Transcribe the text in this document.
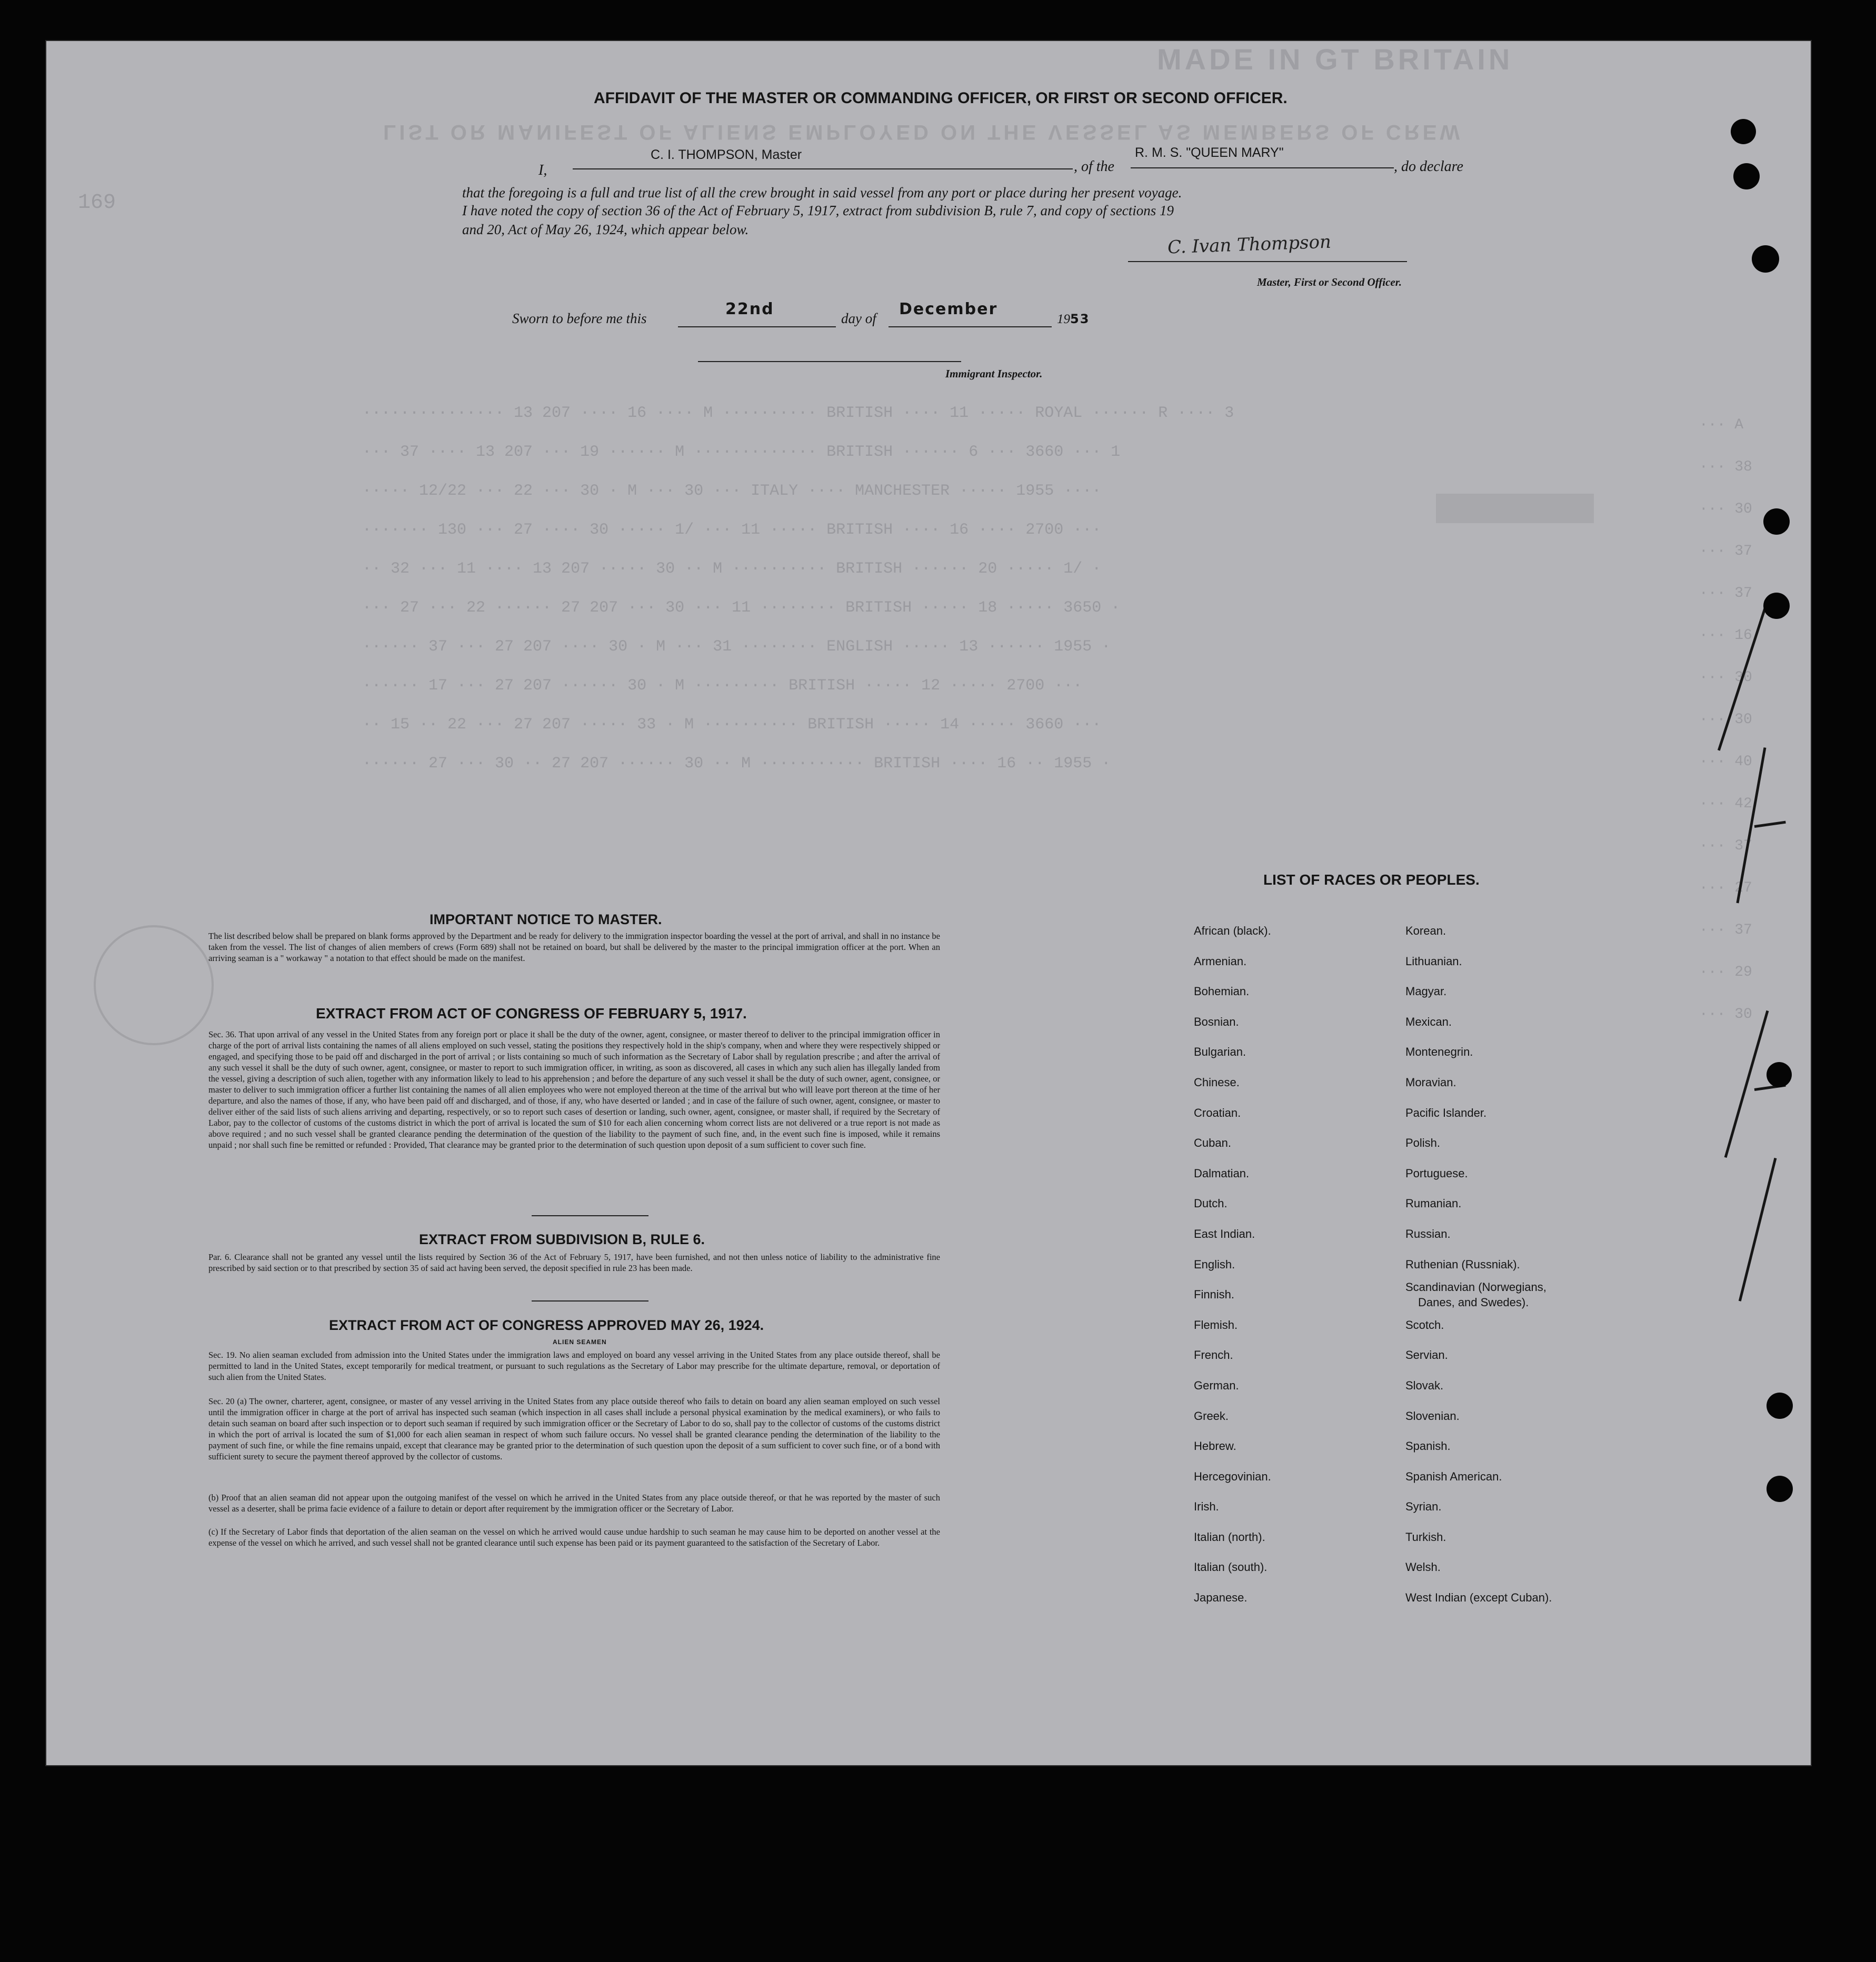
MADE IN GT BRITAIN
LIST OR MANIFEST OF ALIENS EMPLOYED ON THE VESSEL AS MEMBERS OF CREW
169
··············· 13 207 ···· 16 ···· M ·········· BRITISH ···· 11 ····· ROYAL ······ R ···· 3
··· 37 ···· 13 207 ··· 19 ······ M ············· BRITISH ······ 6 ··· 3660 ··· 1
····· 12/22 ··· 22 ··· 30 · M ··· 30 ··· ITALY ···· MANCHESTER ····· 1955 ····
······· 130 ··· 27 ···· 30 ····· 1/ ··· 11 ····· BRITISH ···· 16 ···· 2700 ···
·· 32 ··· 11 ···· 13 207 ····· 30 ·· M ·········· BRITISH ······ 20 ····· 1/ ·
··· 27 ··· 22 ······ 27 207 ··· 30 ··· 11 ········ BRITISH ····· 18 ····· 3650 ·
······ 37 ··· 27 207 ···· 30 · M ··· 31 ········ ENGLISH ····· 13 ······ 1955 ·
······ 17 ··· 27 207 ······ 30 · M ········· BRITISH ····· 12 ····· 2700 ···
·· 15 ·· 22 ··· 27 207 ····· 33 · M ·········· BRITISH ····· 14 ····· 3660 ···
······ 27 ··· 30 ·· 27 207 ······ 30 ·· M ··········· BRITISH ···· 16 ·· 1955 ·
··· A
··· 38
··· 30
··· 37
··· 37
··· 16
··· 30
··· 30
··· 40
··· 42
··· 37
··· 27
··· 37
··· 29
··· 30
AFFIDAVIT OF THE MASTER OR COMMANDING OFFICER, OR FIRST OR SECOND OFFICER.
I,
C. I. THOMPSON, Master
, of the
R. M. S. "QUEEN MARY"
, do declare
that the foregoing is a full and true list of all the crew brought in said vessel from any port or place during her present voyage.
I have noted the copy of section 36 of the Act of February 5, 1917, extract from subdivision B, rule 7, and copy of sections 19
and 20, Act of May 26, 1924, which appear below.
C. Ivan Thompson
Master, First or Second Officer.
Sworn to before me this	22nd	day of December
1953
Immigrant Inspector.
IMPORTANT NOTICE TO MASTER.
The list described below shall be prepared on blank forms approved by the Department and be ready for delivery to the immigration inspector boarding the vessel at the port of arrival, and shall in no instance be taken from the vessel. The list of changes of alien members of crews (Form 689) shall not be retained on board, but shall be delivered by the master to the principal immigration officer at the port. When an arriving seaman is a " workaway " a notation to that effect should be made on the manifest.
EXTRACT FROM ACT OF CONGRESS OF FEBRUARY 5, 1917.
Sec. 36. That upon arrival of any vessel in the United States from any foreign port or place it shall be the duty of the owner, agent, consignee, or master thereof to deliver to the principal immigration officer in charge of the port of arrival lists containing the names of all aliens employed on such vessel, stating the positions they respectively hold in the ship's company, when and where they were respectively shipped or engaged, and specifying those to be paid off and discharged in the port of arrival ; or lists containing so much of such information as the Secretary of Labor shall by regulation prescribe ; and after the arrival of any such vessel it shall be the duty of such owner, agent, consignee, or master to report to such immigration officer, in writing, as soon as discovered, all cases in which any such alien has illegally landed from the vessel, giving a description of such alien, together with any information likely to lead to his apprehension ; and before the departure of any such vessel it shall be the duty of such owner, agent, consignee, or master to deliver to such immigration officer a further list containing the names of all alien employees who were not employed thereon at the time of the arrival but who will leave port thereon at the time of her departure, and also the names of those, if any, who have been paid off and discharged, and of those, if any, who have deserted or landed ; and in case of the failure of such owner, agent, consignee, or master to deliver either of the said lists of such aliens arriving and departing, respectively, or so to report such cases of desertion or landing, such owner, agent, consignee, or master shall, if required by the Secretary of Labor, pay to the collector of customs of the customs district in which the port of arrival is located the sum of $10 for each alien concerning whom correct lists are not delivered or a true report is not made as above required ; and no such vessel shall be granted clearance pending the determination of the question of the liability to the payment of such fine, and, in the event such fine is imposed, while it remains unpaid ; nor shall such fine be remitted or refunded : Provided, That clearance may be granted prior to the determination of such question upon deposit of a sum sufficient to cover such fine.
EXTRACT FROM SUBDIVISION B, RULE 6.
Par. 6. Clearance shall not be granted any vessel until the lists required by Section 36 of the Act of February 5, 1917, have been furnished, and not then unless notice of liability to the administrative fine prescribed by said section or to that prescribed by section 35 of said act having been served, the deposit specified in rule 23 has been made.
EXTRACT FROM ACT OF CONGRESS APPROVED MAY 26, 1924.
ALIEN SEAMEN
Sec. 19. No alien seaman excluded from admission into the United States under the immigration laws and employed on board any vessel arriving in the United States from any place outside thereof, shall be permitted to land in the United States, except temporarily for medical treatment, or pursuant to such regulations as the Secretary of Labor may prescribe for the ultimate departure, removal, or deportation of such alien from the United States.
Sec. 20 (a) The owner, charterer, agent, consignee, or master of any vessel arriving in the United States from any place outside thereof who fails to detain on board any alien seaman employed on such vessel until the immigration officer in charge at the port of arrival has inspected such seaman (which inspection in all cases shall include a personal physical examination by the medical examiners), or who fails to detain such seaman on board after such inspection or to deport such seaman if required by such immigration officer or the Secretary of Labor to do so, shall pay to the collector of customs of the customs district in which the port of arrival is located the sum of $1,000 for each alien seaman in respect of whom such failure occurs. No vessel shall be granted clearance pending the determination of the liability to the payment of such fine, or while the fine remains unpaid, except that clearance may be granted prior to the determination of such question upon the deposit of a sum sufficient to cover such fine, or of a bond with sufficient surety to secure the payment thereof approved by the collector of customs.
(b) Proof that an alien seaman did not appear upon the outgoing manifest of the vessel on which he arrived in the United States from any place outside thereof, or that he was reported by the master of such vessel as a deserter, shall be prima facie evidence of a failure to detain or deport after requirement by the immigration officer or the Secretary of Labor.
(c) If the Secretary of Labor finds that deportation of the alien seaman on the vessel on which he arrived would cause undue hardship to such seaman he may cause him to be deported on another vessel at the expense of the vessel on which he arrived, and such vessel shall not be granted clearance until such expense has been paid or its payment guaranteed to the satisfaction of the Secretary of Labor.
LIST OF RACES OR PEOPLES.
African (black).
Armenian.
Bohemian.
Bosnian.
Bulgarian.
Chinese.
Croatian.
Cuban.
Dalmatian.
Dutch.
East Indian.
English.
Finnish.
Flemish.
French.
German.
Greek.
Hebrew.
Hercegovinian.
Irish.
Italian (north).
Italian (south).
Japanese.
Korean.
Lithuanian.
Magyar.
Mexican.
Montenegrin.
Moravian.
Pacific Islander.
Polish.
Portuguese.
Rumanian.
Russian.
Ruthenian (Russniak).
Scandinavian (Norwegians,
Danes, and Swedes).
Scotch.
Servian.
Slovak.
Slovenian.
Spanish.
Spanish American.
Syrian.
Turkish.
Welsh.
West Indian (except Cuban).
